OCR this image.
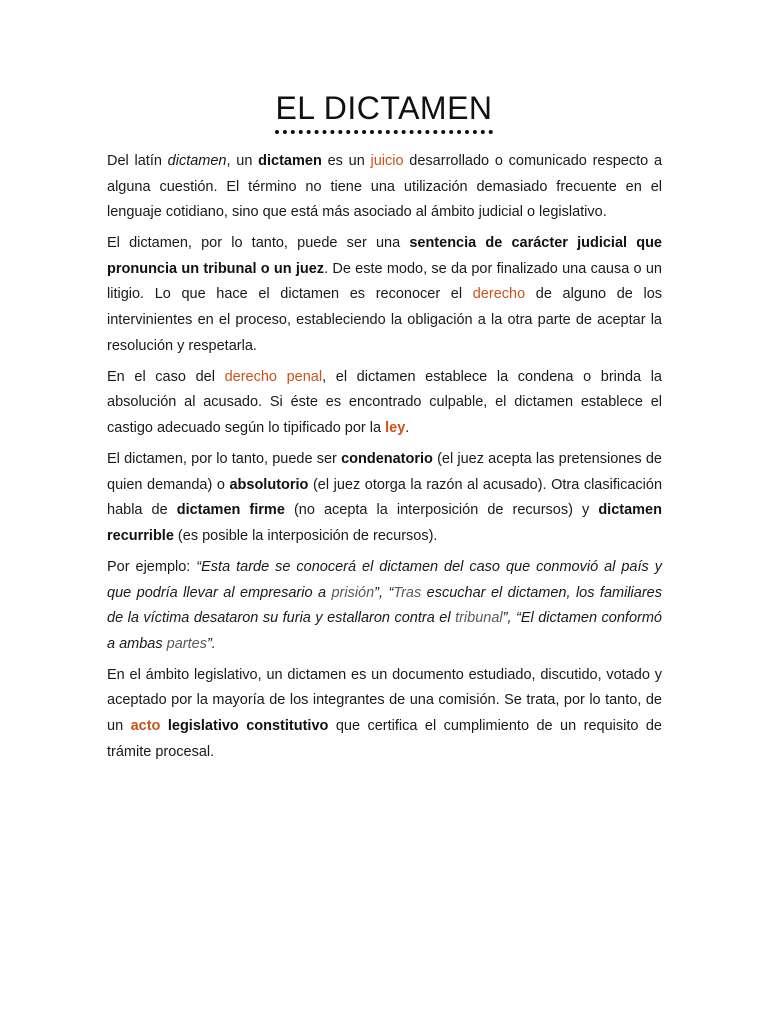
EL DICTAMEN

Del latín dictamen, un dictamen es un juicio desarrollado o comunicado respecto a alguna cuestión. El término no tiene una utilización demasiado frecuente en el lenguaje cotidiano, sino que está más asociado al ámbito judicial o legislativo.

El dictamen, por lo tanto, puede ser una sentencia de carácter judicial que pronuncia un tribunal o un juez. De este modo, se da por finalizado una causa o un litigio. Lo que hace el dictamen es reconocer el derecho de alguno de los intervinientes en el proceso, estableciendo la obligación a la otra parte de aceptar la resolución y respetarla.

En el caso del derecho penal, el dictamen establece la condena o brinda la absolución al acusado. Si éste es encontrado culpable, el dictamen establece el castigo adecuado según lo tipificado por la ley.

El dictamen, por lo tanto, puede ser condenatorio (el juez acepta las pretensiones de quien demanda) o absolutorio (el juez otorga la razón al acusado). Otra clasificación habla de dictamen firme (no acepta la interposición de recursos) y dictamen recurrible (es posible la interposición de recursos).

Por ejemplo: “Esta tarde se conocerá el dictamen del caso que conmovió al país y que podría llevar al empresario a prisión”, “Tras escuchar el dictamen, los familiares de la víctima desataron su furia y estallaron contra el tribunal”, “El dictamen conformó a ambas partes”.

En el ámbito legislativo, un dictamen es un documento estudiado, discutido, votado y aceptado por la mayoría de los integrantes de una comisión. Se trata, por lo tanto, de un acto legislativo constitutivo que certifica el cumplimiento de un requisito de trámite procesal.
